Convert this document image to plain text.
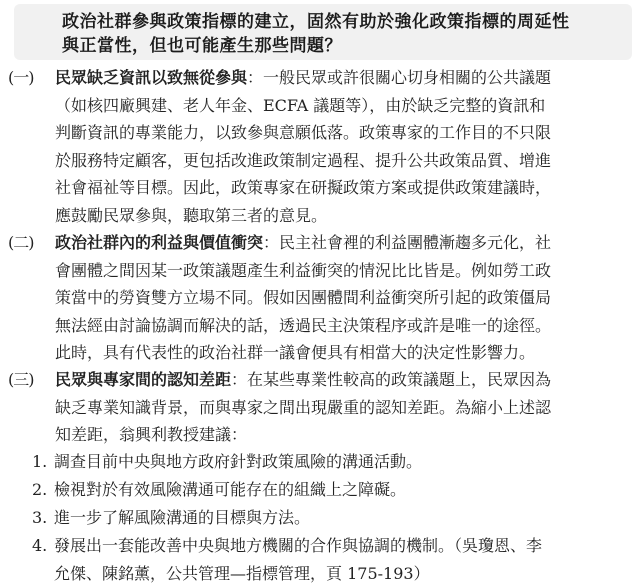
政治社群參與政策指標的建立，固然有助於強化政策指標的周延性
與正當性，但也可能產生那些問題？
(一)	民眾缺乏資訊以致無從參與 ：一般民眾或許很關心切身相關的公共議題
（如核四廠興建、老人年金、ECFA 議題等），由於缺乏完整的資訊和
判斷資訊的專業能力，以致參與意願低落。政策專家的工作目的不只限
於服務特定顧客，更包括改進政策制定過程、提升公共政策品質、增進
社會福祉等目標。因此，政策專家在研擬政策方案或提供政策建議時，
應鼓勵民眾參與，聽取第三者的意見。
(二)	政治社群內的利益與價值衝突 ：民主社會裡的利益團體漸趨多元化，社
會團體之間因某一政策議題產生利益衝突的情況比比皆是。例如勞工政
策當中的勞資雙方立場不同。假如因團體間利益衝突所引起的政策僵局
無法經由討論協調而解決的話，透過民主決策程序或許是唯一的途徑。
此時，具有代表性的政治社群一議會便具有相當大的決定性影響力。
(三)	民眾與專家間的認知差距 ：在某些專業性較高的政策議題上，民眾因為
缺乏專業知識背景，而與專家之間出現嚴重的認知差距。為縮小上述認
知差距，翁興利教授建議：
1. 調查目前中央與地方政府針對政策風險的溝通活動。
2. 檢視對於有效風險溝通可能存在的組織上之障礙。
3. 進一步了解風險溝通的目標與方法。
4. 發展出一套能改善中央與地方機關的合作與協調的機制。（吳瓊恩、李
允傑、陳銘薰，公共管理—指標管理，頁 175-193）
